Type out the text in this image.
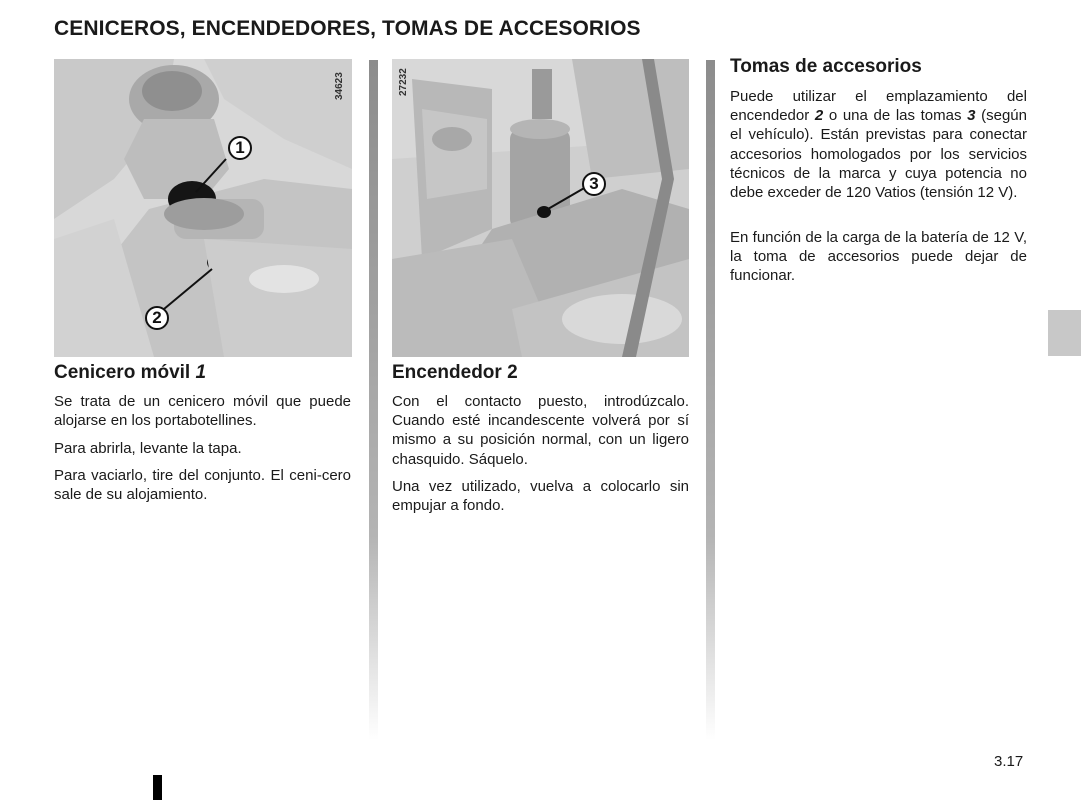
CENICEROS, ENCENDEDORES, TOMAS DE ACCESORIOS
34623
1
2
Cenicero móvil 1

Se trata de un cenicero móvil que puede alojarse en los portabotellines.

Para abrirla, levante la tapa.

Para vaciarlo, tire del conjunto. El ceni-cero sale de su alojamiento.

27232
3
Encendedor 2

Con el contacto puesto, introdúzcalo. Cuando esté incandescente volverá por sí mismo a su posición normal, con un ligero chasquido. Sáquelo.

Una vez utilizado, vuelva a colocarlo sin empujar a fondo.

Tomas de accesorios

Puede utilizar el emplazamiento del encendedor 2 o una de las tomas 3 (según el vehículo). Están previstas para conectar accesorios homologados por los servicios técnicos de la marca y cuya potencia no debe exceder de 120 Vatios (tensión 12 V).

En función de la carga de la batería de 12 V, la toma de accesorios puede dejar de funcionar.

3.17
